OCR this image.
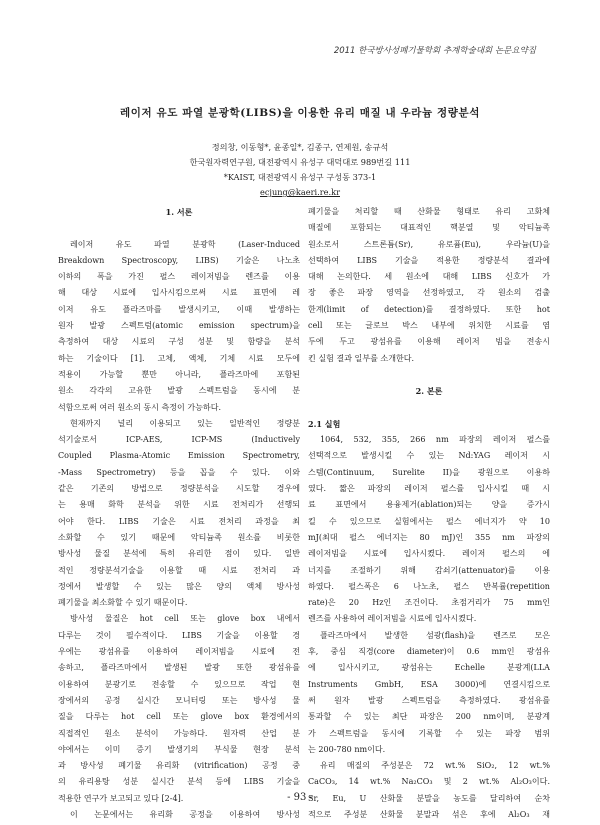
2011 한국방사성폐기물학회 추계학술대회 논문요약집
레이저 유도 파열 분광학(LIBS)을 이용한 유리 매질 내 우라늄 정량분석
정의창, 이동형*, 윤종일*, 김종구, 연제원, 송규석
한국원자력연구원, 대전광역시 유성구 대덕대로 989번길 111
*KAIST, 대전광역시 유성구 구성동 373-1
ecjung@kaeri.re.kr
1. 서론
레이저 유도 파열 분광학 (Laser-Induced
Breakdown Spectroscopy, LIBS) 기술은 나노초
이하의 폭을 가진 펄스 레이저빔을 렌즈를 이용
해 대상 시료에 입사시킴으로써 시료 표면에 레
이저 유도 플라즈마를 발생시키고, 이때 발생하는
원자 발광 스펙트럼(atomic emission spectrum)을
측정하여 대상 시료의 구성 성분 및 함량을 분석
하는 기술이다 [1]. 고체, 액체, 기체 시료 모두에
적용이 가능할 뿐만 아니라, 플라즈마에 포함된
원소 각각의 고유한 발광 스펙트럼을 동시에 분
석함으로써 여러 원소의 동시 측정이 가능하다.
현재까지 널리 이용되고 있는 일반적인 정량분
석기술로서 ICP-AES, ICP-MS (Inductively
Coupled Plasma-Atomic Emission Spectrometry,
-Mass Spectrometry) 등을 꼽을 수 있다. 이와
같은 기존의 방법으로 정량분석을 시도할 경우에
는 용매 화학 분석을 위한 시료 전처리가 선행되
어야 한다. LIBS 기술은 시료 전처리 과정을 최
소화할 수 있기 때문에 악티늄족 원소를 비롯한
방사성 물질 분석에 특히 유리한 점이 있다. 일반
적인 정량분석기술을 이용할 때 시료 전처리 과
정에서 발생할 수 있는 많은 양의 액체 방사성
폐기물을 최소화할 수 있기 때문이다.
방사성 물질은 hot cell 또는 glove box 내에서
다루는 것이 필수적이다. LIBS 기술을 이용할 경
우에는 광섬유를 이용하여 레이저빔을 시료에 전
송하고, 플라즈마에서 발생된 발광 또한 광섬유를
이용하여 분광기로 전송할 수 있으므로 작업 현
장에서의 공정 실시간 모니터링 또는 방사성 물
질을 다루는 hot cell 또는 glove box 환경에서의
직접적인 원소 분석이 가능하다. 원자력 산업 분
야에서는 이미 증기 발생기의 부식물 현장 분석
과 방사성 폐기물 유리화 (vitrification) 공정 중
의 유리용탕 성분 실시간 분석 등에 LIBS 기술을
적용한 연구가 보고되고 있다 [2-4].
이 논문에서는 유리화 공정을 이용하여 방사성
폐기물을 처리할 때 산화물 형태로 유리 고화체
매질에 포함되는 대표적인 핵분열 및 악티늄족
원소로서 스트론튬(Sr), 유로퓸(Eu), 우라늄(U)을
선택하여 LIBS 기술을 적용한 정량분석 결과에
대해 논의한다. 세 원소에 대해 LIBS 신호가 가
장 좋은 파장 영역을 선정하였고, 각 원소의 검출
한계(limit of detection)를 결정하였다. 또한 hot
cell 또는 글로브 박스 내부에 위치한 시료를 염
두에 두고 광섬유를 이용해 레이저 빔을 전송시
킨 실험 결과 일부를 소개한다.
2. 본론
2.1 실험
1064, 532, 355, 266 nm 파장의 레이저 펄스를
선택적으로 발생시킬 수 있는 Nd:YAG 레이저 시
스템(Continuum, Surelite II)을 광원으로 이용하
였다. 짧은 파장의 레이저 펄스를 입사시킬 때 시
료 표면에서 용융제거(ablation)되는 양을 증가시
킬 수 있으므로 실험에서는 펄스 에너지가 약 10
mJ(최대 펄스 에너지는 80 mJ)인 355 nm 파장의
레이저빔을 시료에 입사시켰다. 레이저 펄스의 에
너지를 조절하기 위해 감쇠기(attenuator)를 이용
하였다. 펄스폭은 6 나노초, 펄스 반복률(repetition
rate)은 20 Hz인 조건이다. 초점거리가 75 mm인
렌즈를 사용하여 레이저빔을 시료에 입사시켰다.
플라즈마에서 발생한 섬광(flash)을 렌즈로 모은
후, 중심 직경(core diameter)이 0.6 mm인 광섬유
에 입사시키고, 광섬유는 Echelle 분광계(LLA
Instruments GmbH, ESA 3000)에 연결시킴으로
써 원자 발광 스펙트럼을 측정하였다. 광섬유를
통과할 수 있는 최단 파장은 200 nm이며, 분광계
가 스펙트럼을 동시에 기록할 수 있는 파장 범위
는 200-780 nm이다.
유리 매질의 주성분은 72 wt.% SiO₂, 12 wt.%
CaCO₃, 14 wt.% Na₂CO₃ 및 2 wt.% Al₂O₃이다.
Sr, Eu, U 산화물 분말을 농도를 달리하여 순차
적으로 주성분 산화물 분말과 섞은 후에 Al₂O₃ 재
- 93 -
